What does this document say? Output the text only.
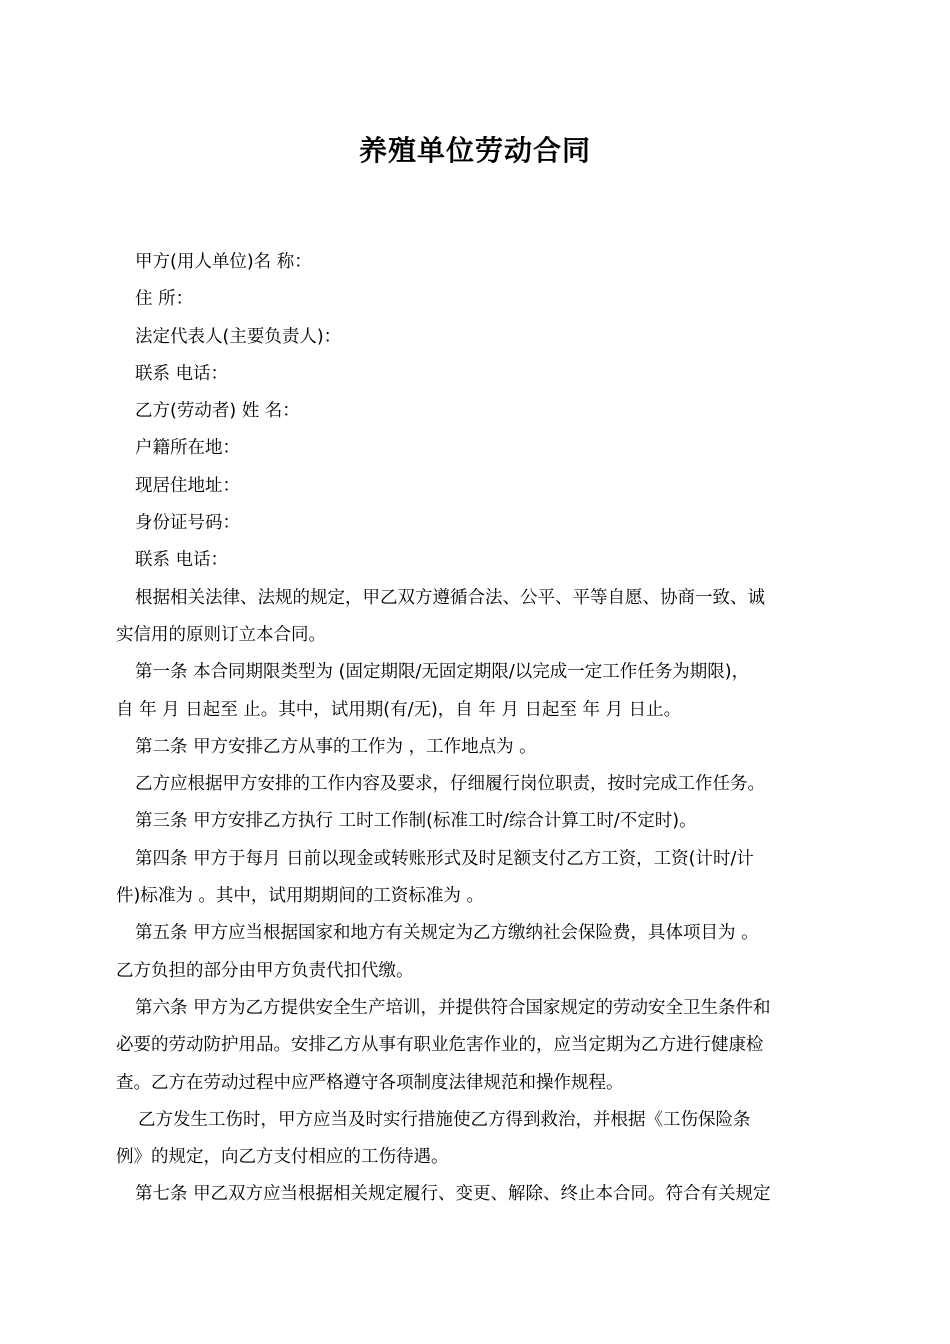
养殖单位劳动合同
甲方(用人单位)名 称：
住 所：
法定代表人(主要负责人)：
联系 电话：
乙方(劳动者) 姓 名：
户籍所在地：
现居住地址：
身份证号码：
联系 电话：
根据相关法律、法规的规定，甲乙双方遵循合法、公平、平等自愿、协商一致、诚
实信用的原则订立本合同。
第一条 本合同期限类型为 (固定期限/无固定期限/以完成一定工作任务为期限)，
自 年 月 日起至 止。其中，试用期(有/无)，自 年 月 日起至 年 月 日止。
第二条 甲方安排乙方从事的工作为 ，工作地点为 。
乙方应根据甲方安排的工作内容及要求，仔细履行岗位职责，按时完成工作任务。
第三条 甲方安排乙方执行 工时工作制(标准工时/综合计算工时/不定时)。
第四条 甲方于每月 日前以现金或转账形式及时足额支付乙方工资，工资(计时/计
件)标准为 。其中，试用期期间的工资标准为 。
第五条 甲方应当根据国家和地方有关规定为乙方缴纳社会保险费，具体项目为 。
乙方负担的部分由甲方负责代扣代缴。
第六条 甲方为乙方提供安全生产培训，并提供符合国家规定的劳动安全卫生条件和
必要的劳动防护用品。安排乙方从事有职业危害作业的，应当定期为乙方进行健康检
查。乙方在劳动过程中应严格遵守各项制度法律规范和操作规程。
乙方发生工伤时，甲方应当及时实行措施使乙方得到救治，并根据《工伤保险条
例》的规定，向乙方支付相应的工伤待遇。
第七条 甲乙双方应当根据相关规定履行、变更、解除、终止本合同。符合有关规定
